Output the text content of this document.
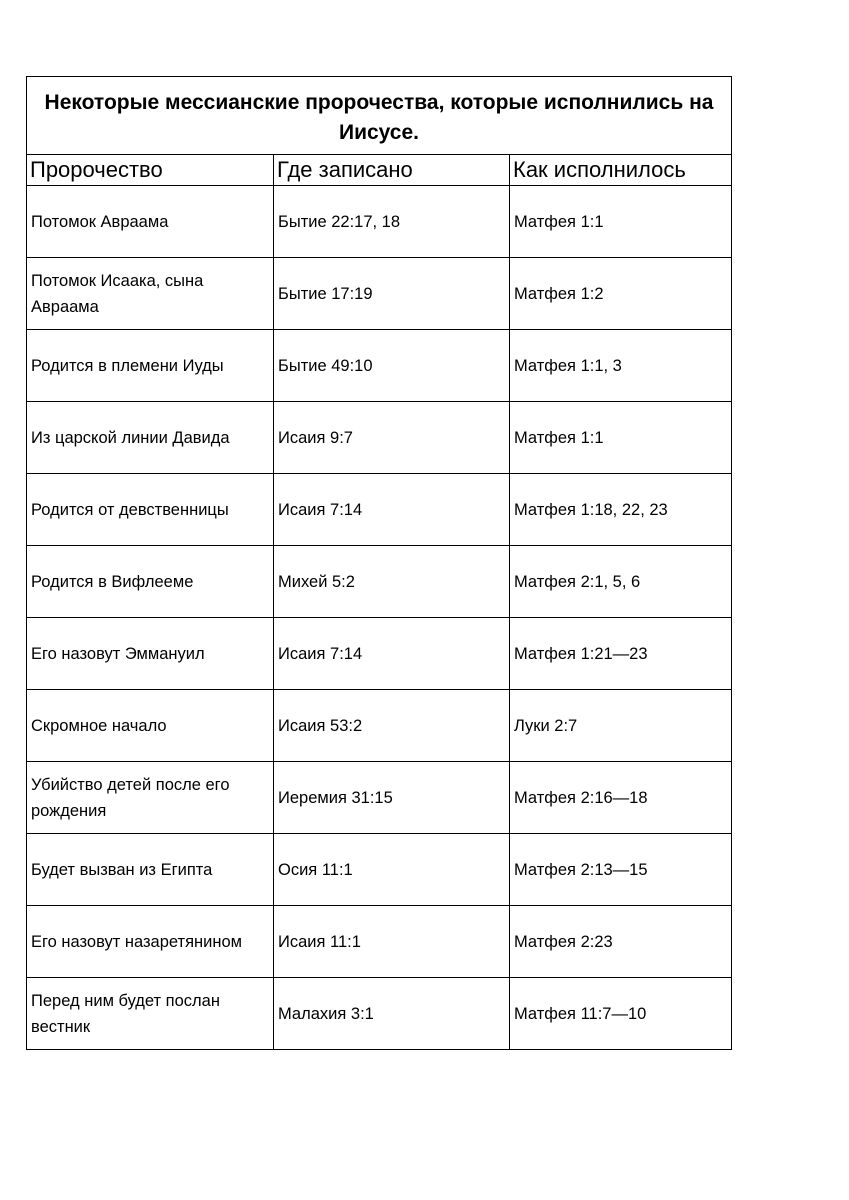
Некоторые мессианские пророчества, которые исполнились на Иисусе.		
Пророчество	Где записано	Как исполнилось
Потомок Авраама	Бытие 22:17, 18	Матфея 1:1
Потомок Исаака, сына Авраама	Бытие 17:19	Матфея 1:2
Родится в племени Иуды	Бытие 49:10	Матфея 1:1, 3
Из царской линии Давида	Исаия 9:7	Матфея 1:1
Родится от девственницы	Исаия 7:14	Матфея 1:18, 22, 23
Родится в Вифлееме	Михей 5:2	Матфея 2:1, 5, 6
Его назовут Эммануил	Исаия 7:14	Матфея 1:21—23
Скромное начало	Исаия 53:2	Луки 2:7
Убийство детей после его рождения	Иеремия 31:15	Матфея 2:16—18
Будет вызван из Египта	Осия 11:1	Матфея 2:13—15
Его назовут назаретянином	Исаия 11:1	Матфея 2:23
Перед ним будет послан вестник	Малахия 3:1	Матфея 11:7—10
